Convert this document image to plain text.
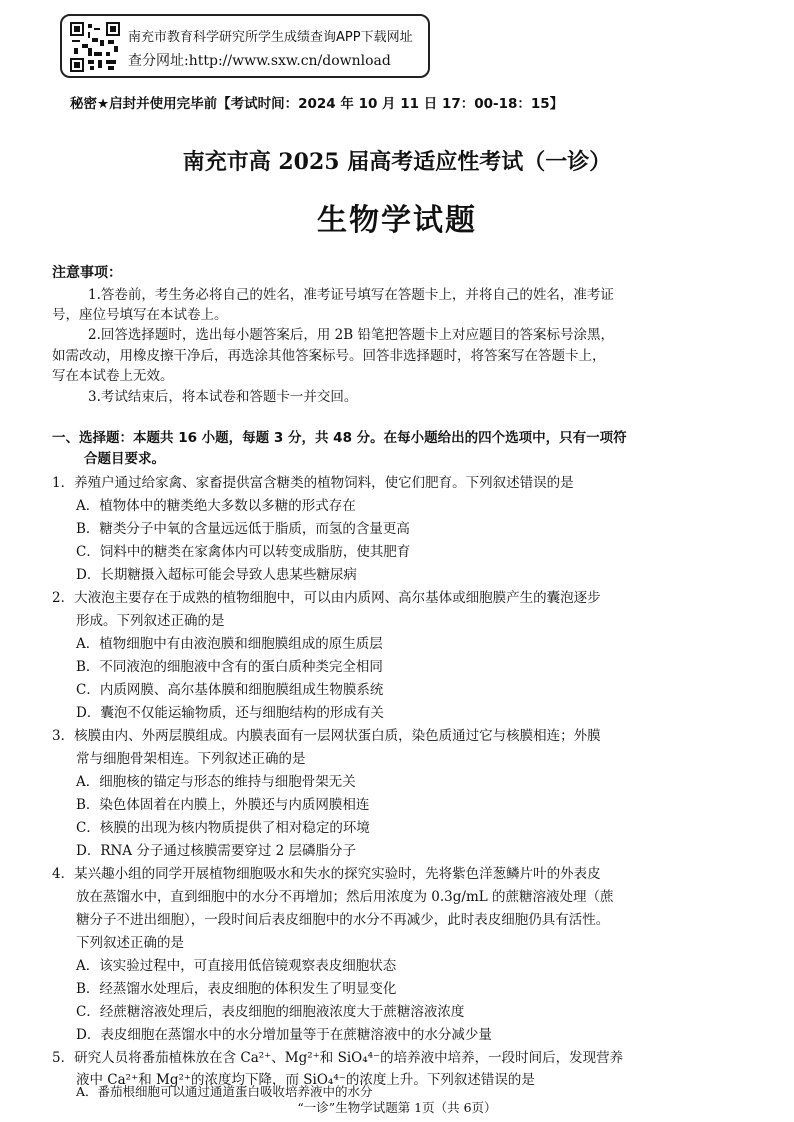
南充市教育科学研究所学生成绩查询APP下载网址
查分网址:http://www.sxw.cn/download
秘密★启封并使用完毕前【考试时间：2024 年 10 月 11 日 17：00-18：15】
南充市高 2025 届高考适应性考试（一诊）
生物学试题
注意事项：
1.答卷前，考生务必将自己的姓名，准考证号填写在答题卡上，并将自己的姓名，准考证
号，座位号填写在本试卷上。
2.回答选择题时，选出每小题答案后，用 2B 铅笔把答题卡上对应题目的答案标号涂黑，
如需改动，用橡皮擦干净后，再选涂其他答案标号。回答非选择题时，将答案写在答题卡上，
写在本试卷上无效。
3.考试结束后，将本试卷和答题卡一并交回。
一、选择题：本题共 16 小题，每题 3 分，共 48 分。在每小题给出的四个选项中，只有一项符
合题目要求。
1．养殖户通过给家禽、家畜提供富含糖类的植物饲料，使它们肥育。下列叙述错误的是
A．植物体中的糖类绝大多数以多糖的形式存在
B．糖类分子中氧的含量远远低于脂质，而氢的含量更高
C．饲料中的糖类在家禽体内可以转变成脂肪，使其肥育
D．长期糖摄入超标可能会导致人患某些糖尿病
2．大液泡主要存在于成熟的植物细胞中，可以由内质网、高尔基体或细胞膜产生的囊泡逐步
形成。下列叙述正确的是
A．植物细胞中有由液泡膜和细胞膜组成的原生质层
B．不同液泡的细胞液中含有的蛋白质种类完全相同
C．内质网膜、高尔基体膜和细胞膜组成生物膜系统
D．囊泡不仅能运输物质，还与细胞结构的形成有关
3．核膜由内、外两层膜组成。内膜表面有一层网状蛋白质，染色质通过它与核膜相连；外膜
常与细胞骨架相连。下列叙述正确的是
A．细胞核的锚定与形态的维持与细胞骨架无关
B．染色体固着在内膜上，外膜还与内质网膜相连
C．核膜的出现为核内物质提供了相对稳定的环境
D．RNA 分子通过核膜需要穿过 2 层磷脂分子
4．某兴趣小组的同学开展植物细胞吸水和失水的探究实验时，先将紫色洋葱鳞片叶的外表皮
放在蒸馏水中，直到细胞中的水分不再增加；然后用浓度为 0.3g/mL 的蔗糖溶液处理（蔗
糖分子不进出细胞），一段时间后表皮细胞中的水分不再减少，此时表皮细胞仍具有活性。
下列叙述正确的是
A．该实验过程中，可直接用低倍镜观察表皮细胞状态
B．经蒸馏水处理后，表皮细胞的体积发生了明显变化
C．经蔗糖溶液处理后，表皮细胞的细胞液浓度大于蔗糖溶液浓度
D．表皮细胞在蒸馏水中的水分增加量等于在蔗糖溶液中的水分减少量
5．研究人员将番茄植株放在含 Ca²⁺、Mg²⁺和 SiO₄⁴⁻的培养液中培养，一段时间后，发现营养
液中 Ca²⁺和 Mg²⁺的浓度均下降，而 SiO₄⁴⁻的浓度上升。下列叙述错误的是
A．番茄根细胞可以通过通道蛋白吸收培养液中的水分
“一诊”生物学试题第 1页（共 6页）
